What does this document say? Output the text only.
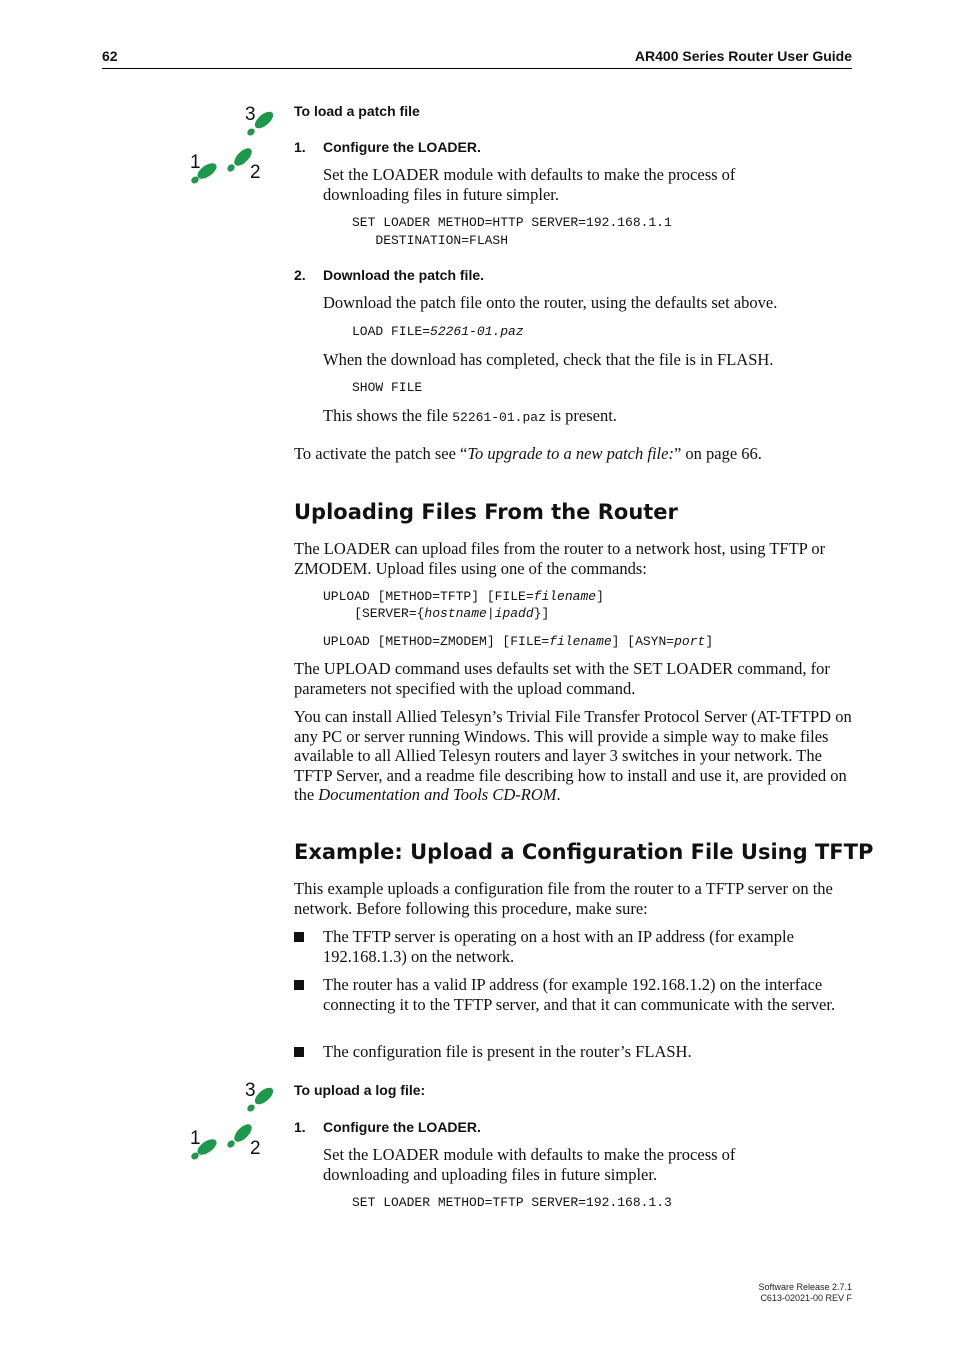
62	AR400 Series Router User Guide
3
1	2
To load a patch file
1. Configure the LOADER.
Set the LOADER module with defaults to make the process of downloading files in future simpler.
SET LOADER METHOD=HTTP SERVER=192.168.1.1
DESTINATION=FLASH
2. Download the patch file.
Download the patch file onto the router, using the defaults set above.
LOAD FILE=52261-01.paz
When the download has completed, check that the file is in FLASH.
SHOW FILE
This shows the file 52261-01.paz is present.
To activate the patch see “To upgrade to a new patch file:” on page 66.
Uploading Files From the Router
The LOADER can upload files from the router to a network host, using TFTP or ZMODEM. Upload files using one of the commands:
UPLOAD [METHOD=TFTP] [FILE=filename]
[SERVER={hostname|ipadd}]
UPLOAD [METHOD=ZMODEM] [FILE=filename] [ASYN=port]
The UPLOAD command uses defaults set with the SET LOADER command, for parameters not specified with the upload command.
You can install Allied Telesyn’s Trivial File Transfer Protocol Server (AT-TFTPD on any PC or server running Windows. This will provide a simple way to make files available to all Allied Telesyn routers and layer 3 switches in your network. The TFTP Server, and a readme file describing how to install and use it, are provided on the Documentation and Tools CD-ROM.
Example: Upload a Configuration File Using TFTP
This example uploads a configuration file from the router to a TFTP server on the network. Before following this procedure, make sure:
The TFTP server is operating on a host with an IP address (for example 192.168.1.3) on the network.
The router has a valid IP address (for example 192.168.1.2) on the interface connecting it to the TFTP server, and that it can communicate with the server.
The configuration file is present in the router’s FLASH.
3
1	2
To upload a log file:
1. Configure the LOADER.
Set the LOADER module with defaults to make the process of downloading and uploading files in future simpler.
SET LOADER METHOD=TFTP SERVER=192.168.1.3
Software Release 2.7.1
C613-02021-00 REV F
